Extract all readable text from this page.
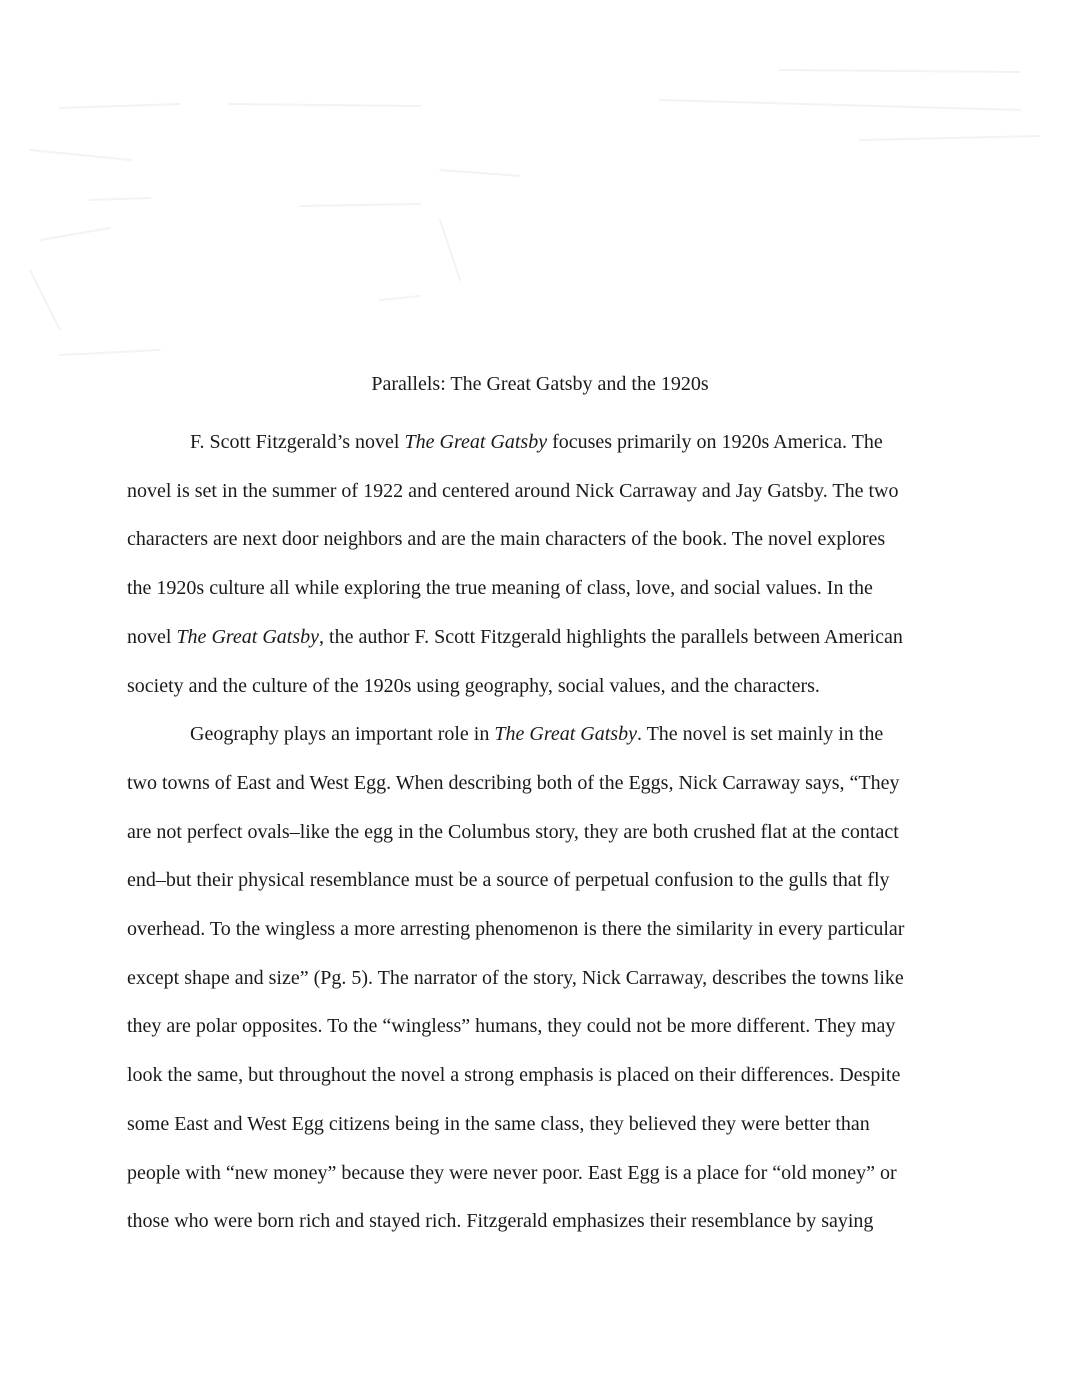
Parallels: The Great Gatsby and the 1920s
F. Scott Fitzgerald’s novel The Great Gatsby focuses primarily on 1920s America. The
novel is set in the summer of 1922 and centered around Nick Carraway and Jay Gatsby. The two
characters are next door neighbors and are the main characters of the book. The novel explores
the 1920s culture all while exploring the true meaning of class, love, and social values. In the
novel The Great Gatsby, the author F. Scott Fitzgerald highlights the parallels between American
society and the culture of the 1920s using geography, social values, and the characters.
Geography plays an important role in The Great Gatsby. The novel is set mainly in the
two towns of East and West Egg. When describing both of the Eggs, Nick Carraway says, “They
are not perfect ovals–like the egg in the Columbus story, they are both crushed flat at the contact
end–but their physical resemblance must be a source of perpetual confusion to the gulls that fly
overhead. To the wingless a more arresting phenomenon is there the similarity in every particular
except shape and size” (Pg. 5). The narrator of the story, Nick Carraway, describes the towns like
they are polar opposites. To the “wingless” humans, they could not be more different. They may
look the same, but throughout the novel a strong emphasis is placed on their differences. Despite
some East and West Egg citizens being in the same class, they believed they were better than
people with “new money” because they were never poor. East Egg is a place for “old money” or
those who were born rich and stayed rich. Fitzgerald emphasizes their resemblance by saying
